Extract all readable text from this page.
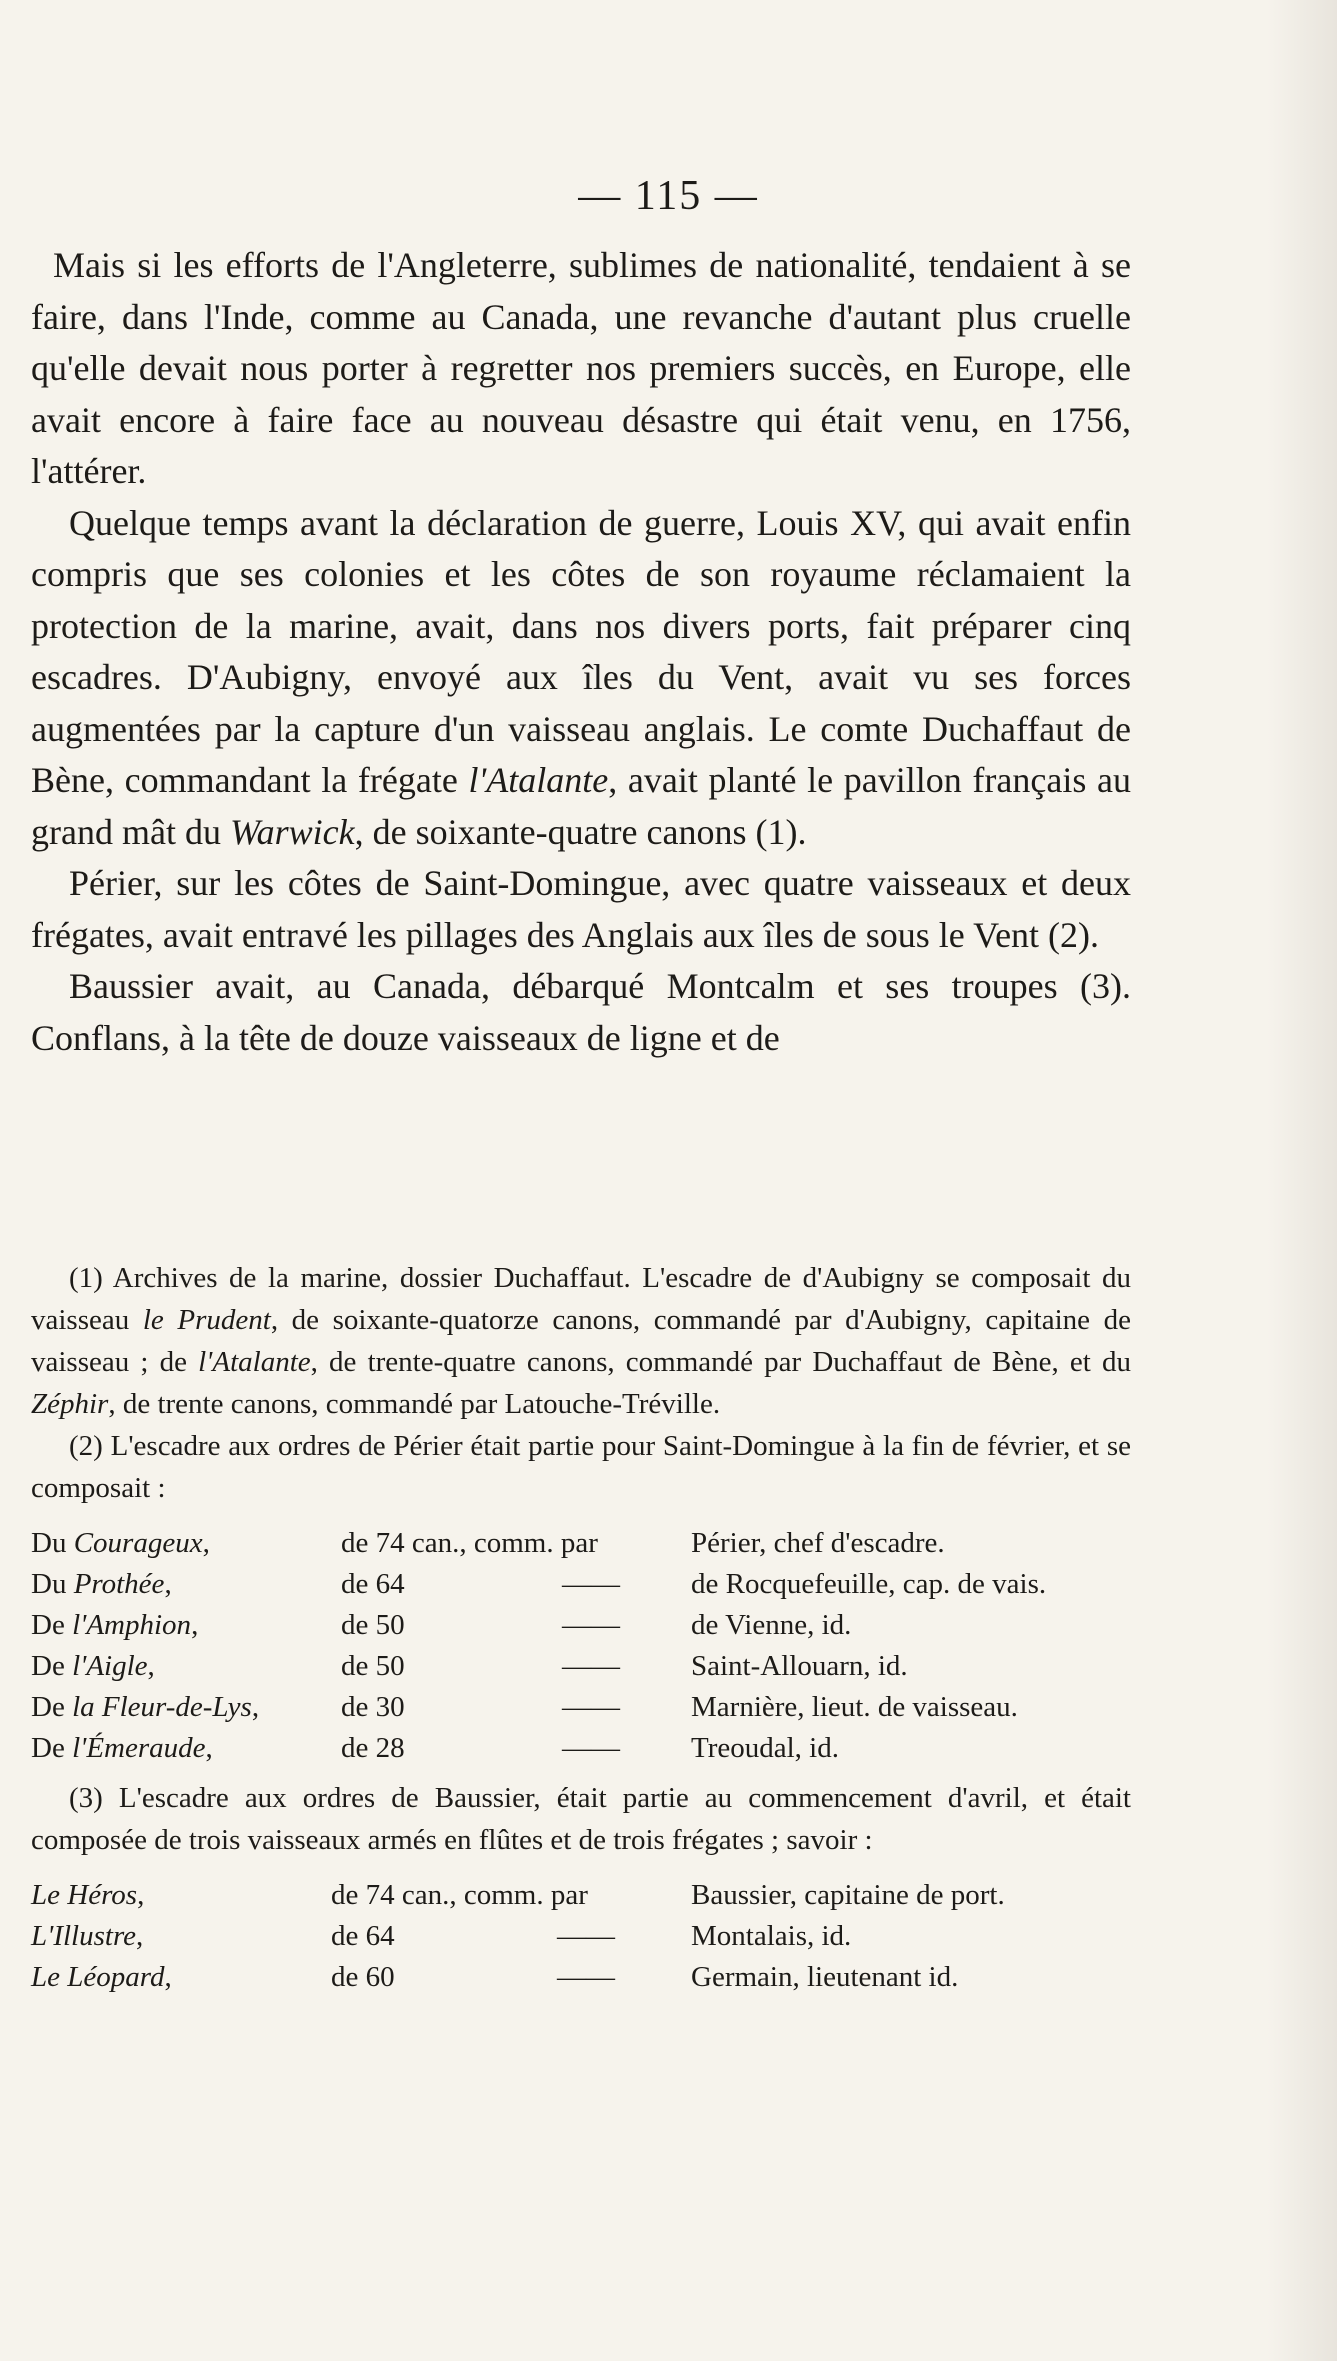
— 115 —

Mais si les efforts de l'Angleterre, sublimes de nationalité, tendaient à se faire, dans l'Inde, comme au Canada, une revanche d'autant plus cruelle qu'elle devait nous porter à regretter nos premiers succès, en Europe, elle avait encore à faire face au nouveau désastre qui était venu, en 1756, l'attérer.

Quelque temps avant la déclaration de guerre, Louis XV, qui avait enfin compris que ses colonies et les côtes de son royaume réclamaient la protection de la marine, avait, dans nos divers ports, fait préparer cinq escadres. D'Aubigny, envoyé aux îles du Vent, avait vu ses forces augmentées par la capture d'un vaisseau anglais. Le comte Duchaffaut de Bène, commandant la frégate l'Atalante, avait planté le pavillon français au grand mât du Warwick, de soixante-quatre canons (1).

Périer, sur les côtes de Saint-Domingue, avec quatre vaisseaux et deux frégates, avait entravé les pillages des Anglais aux îles de sous le Vent (2).

Baussier avait, au Canada, débarqué Montcalm et ses troupes (3). Conflans, à la tête de douze vaisseaux de ligne et de

(1) Archives de la marine, dossier Duchaffaut. L'escadre de d'Aubigny se composait du vaisseau le Prudent, de soixante-quatorze canons, commandé par d'Aubigny, capitaine de vaisseau ; de l'Atalante, de trente-quatre canons, commandé par Duchaffaut de Bène, et du Zéphir, de trente canons, commandé par Latouche-Tréville.

(2) L'escadre aux ordres de Périer était partie pour Saint-Domingue à la fin de février, et se composait :

Du Courageux,	de 74 can., comm. par		Périer, chef d'escadre.
Du Prothée,	de 64	——	de Rocquefeuille, cap. de vais.
De l'Amphion,	de 50	——	de Vienne, id.
De l'Aigle,	de 50	——	Saint-Allouarn, id.
De la Fleur-de-Lys,	de 30	——	Marnière, lieut. de vaisseau.
De l'Émeraude,	de 28	——	Treoudal, id.

(3) L'escadre aux ordres de Baussier, était partie au commencement d'avril, et était composée de trois vaisseaux armés en flûtes et de trois frégates ; savoir :

Le Héros,	de 74 can., comm. par		Baussier, capitaine de port.
L'Illustre,	de 64	——	Montalais, id.
Le Léopard,	de 60	——	Germain, lieutenant id.
